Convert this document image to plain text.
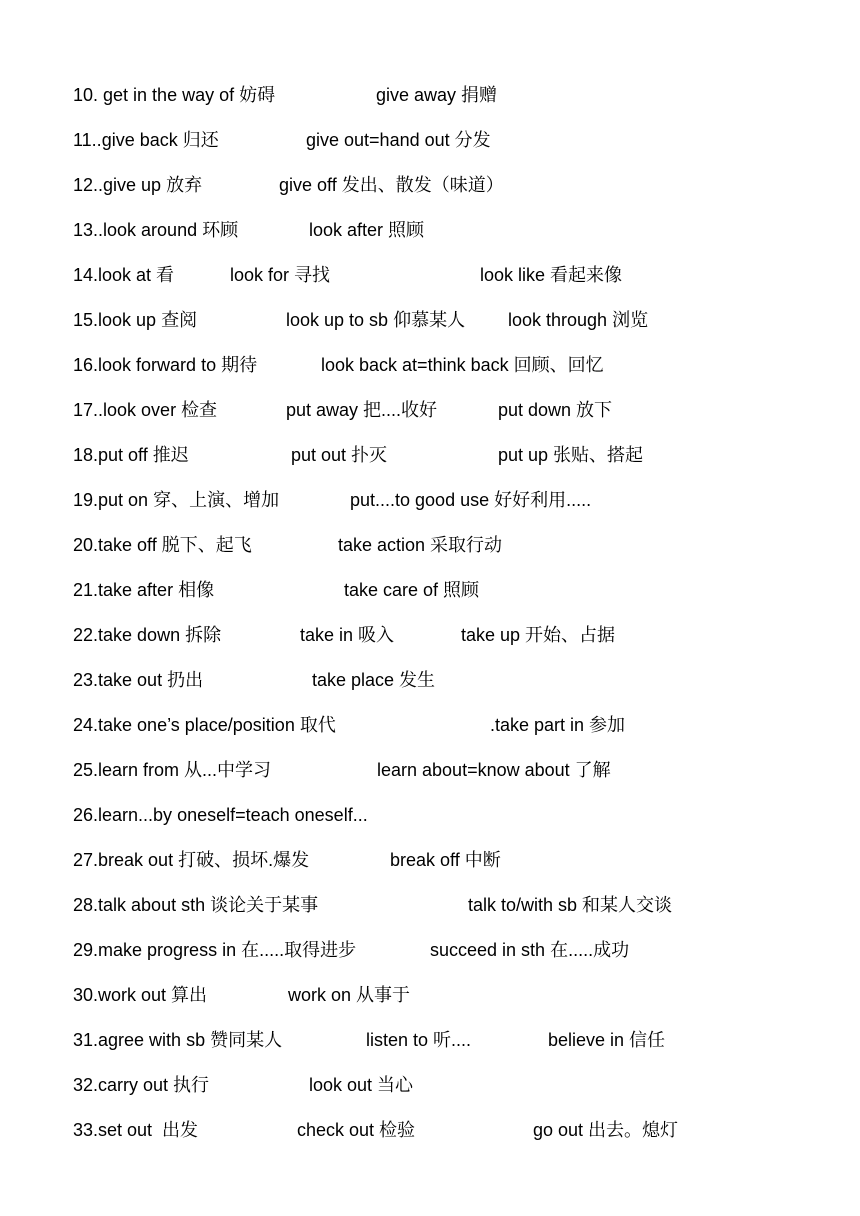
10. get in the way of 妨碍	give away 捐赠
11..give back 归还	give out=hand out 分发
12..give up 放弃	give off 发出、散发（味道）
13..look around 环顾	look after 照顾
14.look at 看	look for 寻找	look like 看起来像
15.look up 查阅	look up to sb 仰慕某人 look through 浏览
16.look forward to 期待	look back at=think back 回顾、回忆
17..look over 检查	put away 把....收好	put down 放下
18.put off 推迟	put out 扑灭	put up 张贴、搭起
19.put on 穿、上演、增加	put....to good use 好好利用.....
20.take off 脱下、起飞	take action 采取行动
21.take after 相像	take care of 照顾
22.take down 拆除	take in 吸入	take up 开始、占据
23.take out 扔出	take place 发生
24.take one’s place/position 取代	.take part in 参加
25.learn from 从...中学习	learn about=know about 了解
26.learn...by oneself=teach oneself...
27.break out 打破、损坏.爆发	break off 中断
28.talk about sth 谈论关于某事	talk to/with sb 和某人交谈
29.make progress in 在.....取得进步	succeed in sth 在.....成功
30.work out 算出	work on 从事于
31.agree with sb 赞同某人	listen to 听....	believe in 信任
32.carry out 执行	look out 当心
33.set out  出发	check out 检验	go out 出去。熄灯
